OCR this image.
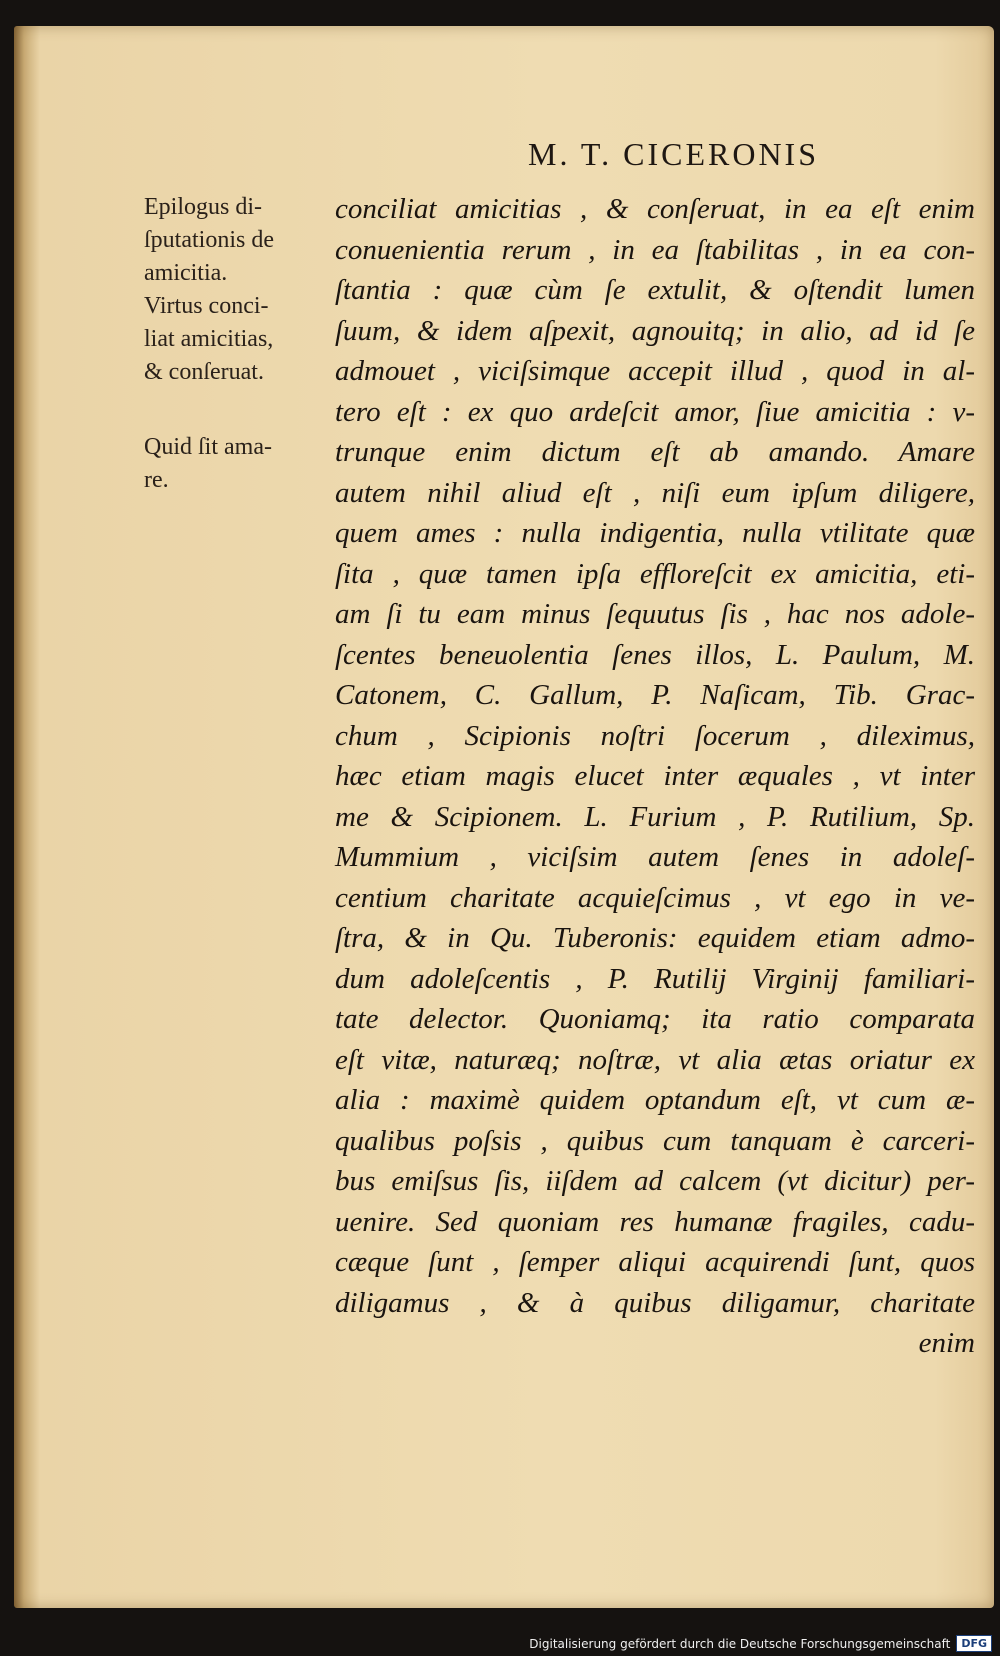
M. T. CICERONIS
Epilogus di-
ſputationis de
amicitia.
Virtus conci-
liat amicitias,
& conſeruat.
Quid ſit ama-
re.
conciliat amicitias , & conſeruat, in ea eſt enim
conuenientia rerum , in ea ſtabilitas , in ea con-
ſtantia : quæ cùm ſe extulit, & oſtendit lumen
ſuum, & idem aſpexit, agnouitq; in alio, ad id ſe
admouet , viciſsimque accepit illud , quod in al-
tero eſt : ex quo ardeſcit amor, ſiue amicitia : v-
trunque enim dictum eſt ab amando. Amare
autem nihil aliud eſt , niſi eum ipſum diligere,
quem ames : nulla indigentia, nulla vtilitate quæ
ſita , quæ tamen ipſa effloreſcit ex amicitia, eti-
am ſi tu eam minus ſequutus ſis , hac nos adole-
ſcentes beneuolentia ſenes illos, L. Paulum, M.
Catonem, C. Gallum, P. Naſicam, Tib. Grac-
chum , Scipionis noſtri ſocerum , dileximus,
hæc etiam magis elucet inter æquales , vt inter
me & Scipionem. L. Furium , P. Rutilium, Sp.
Mummium , viciſsim autem ſenes in adoleſ-
centium charitate acquieſcimus , vt ego in ve-
ſtra, & in Qu. Tuberonis: equidem etiam admo-
dum adoleſcentis , P. Rutilij Virginij familiari-
tate delector. Quoniamq; ita ratio comparata
eſt vitæ, naturæq; noſtræ, vt alia ætas oriatur ex
alia : maximè quidem optandum eſt, vt cum æ-
qualibus poſsis , quibus cum tanquam è carceri-
bus emiſsus ſis, iiſdem ad calcem (vt dicitur) per-
uenire. Sed quoniam res humanæ fragiles, cadu-
cæque ſunt , ſemper aliqui acquirendi ſunt, quos
diligamus , & à quibus diligamur, charitate
enim
Digitalisierung gefördert durch die Deutsche Forschungsgemeinschaft	DFG
